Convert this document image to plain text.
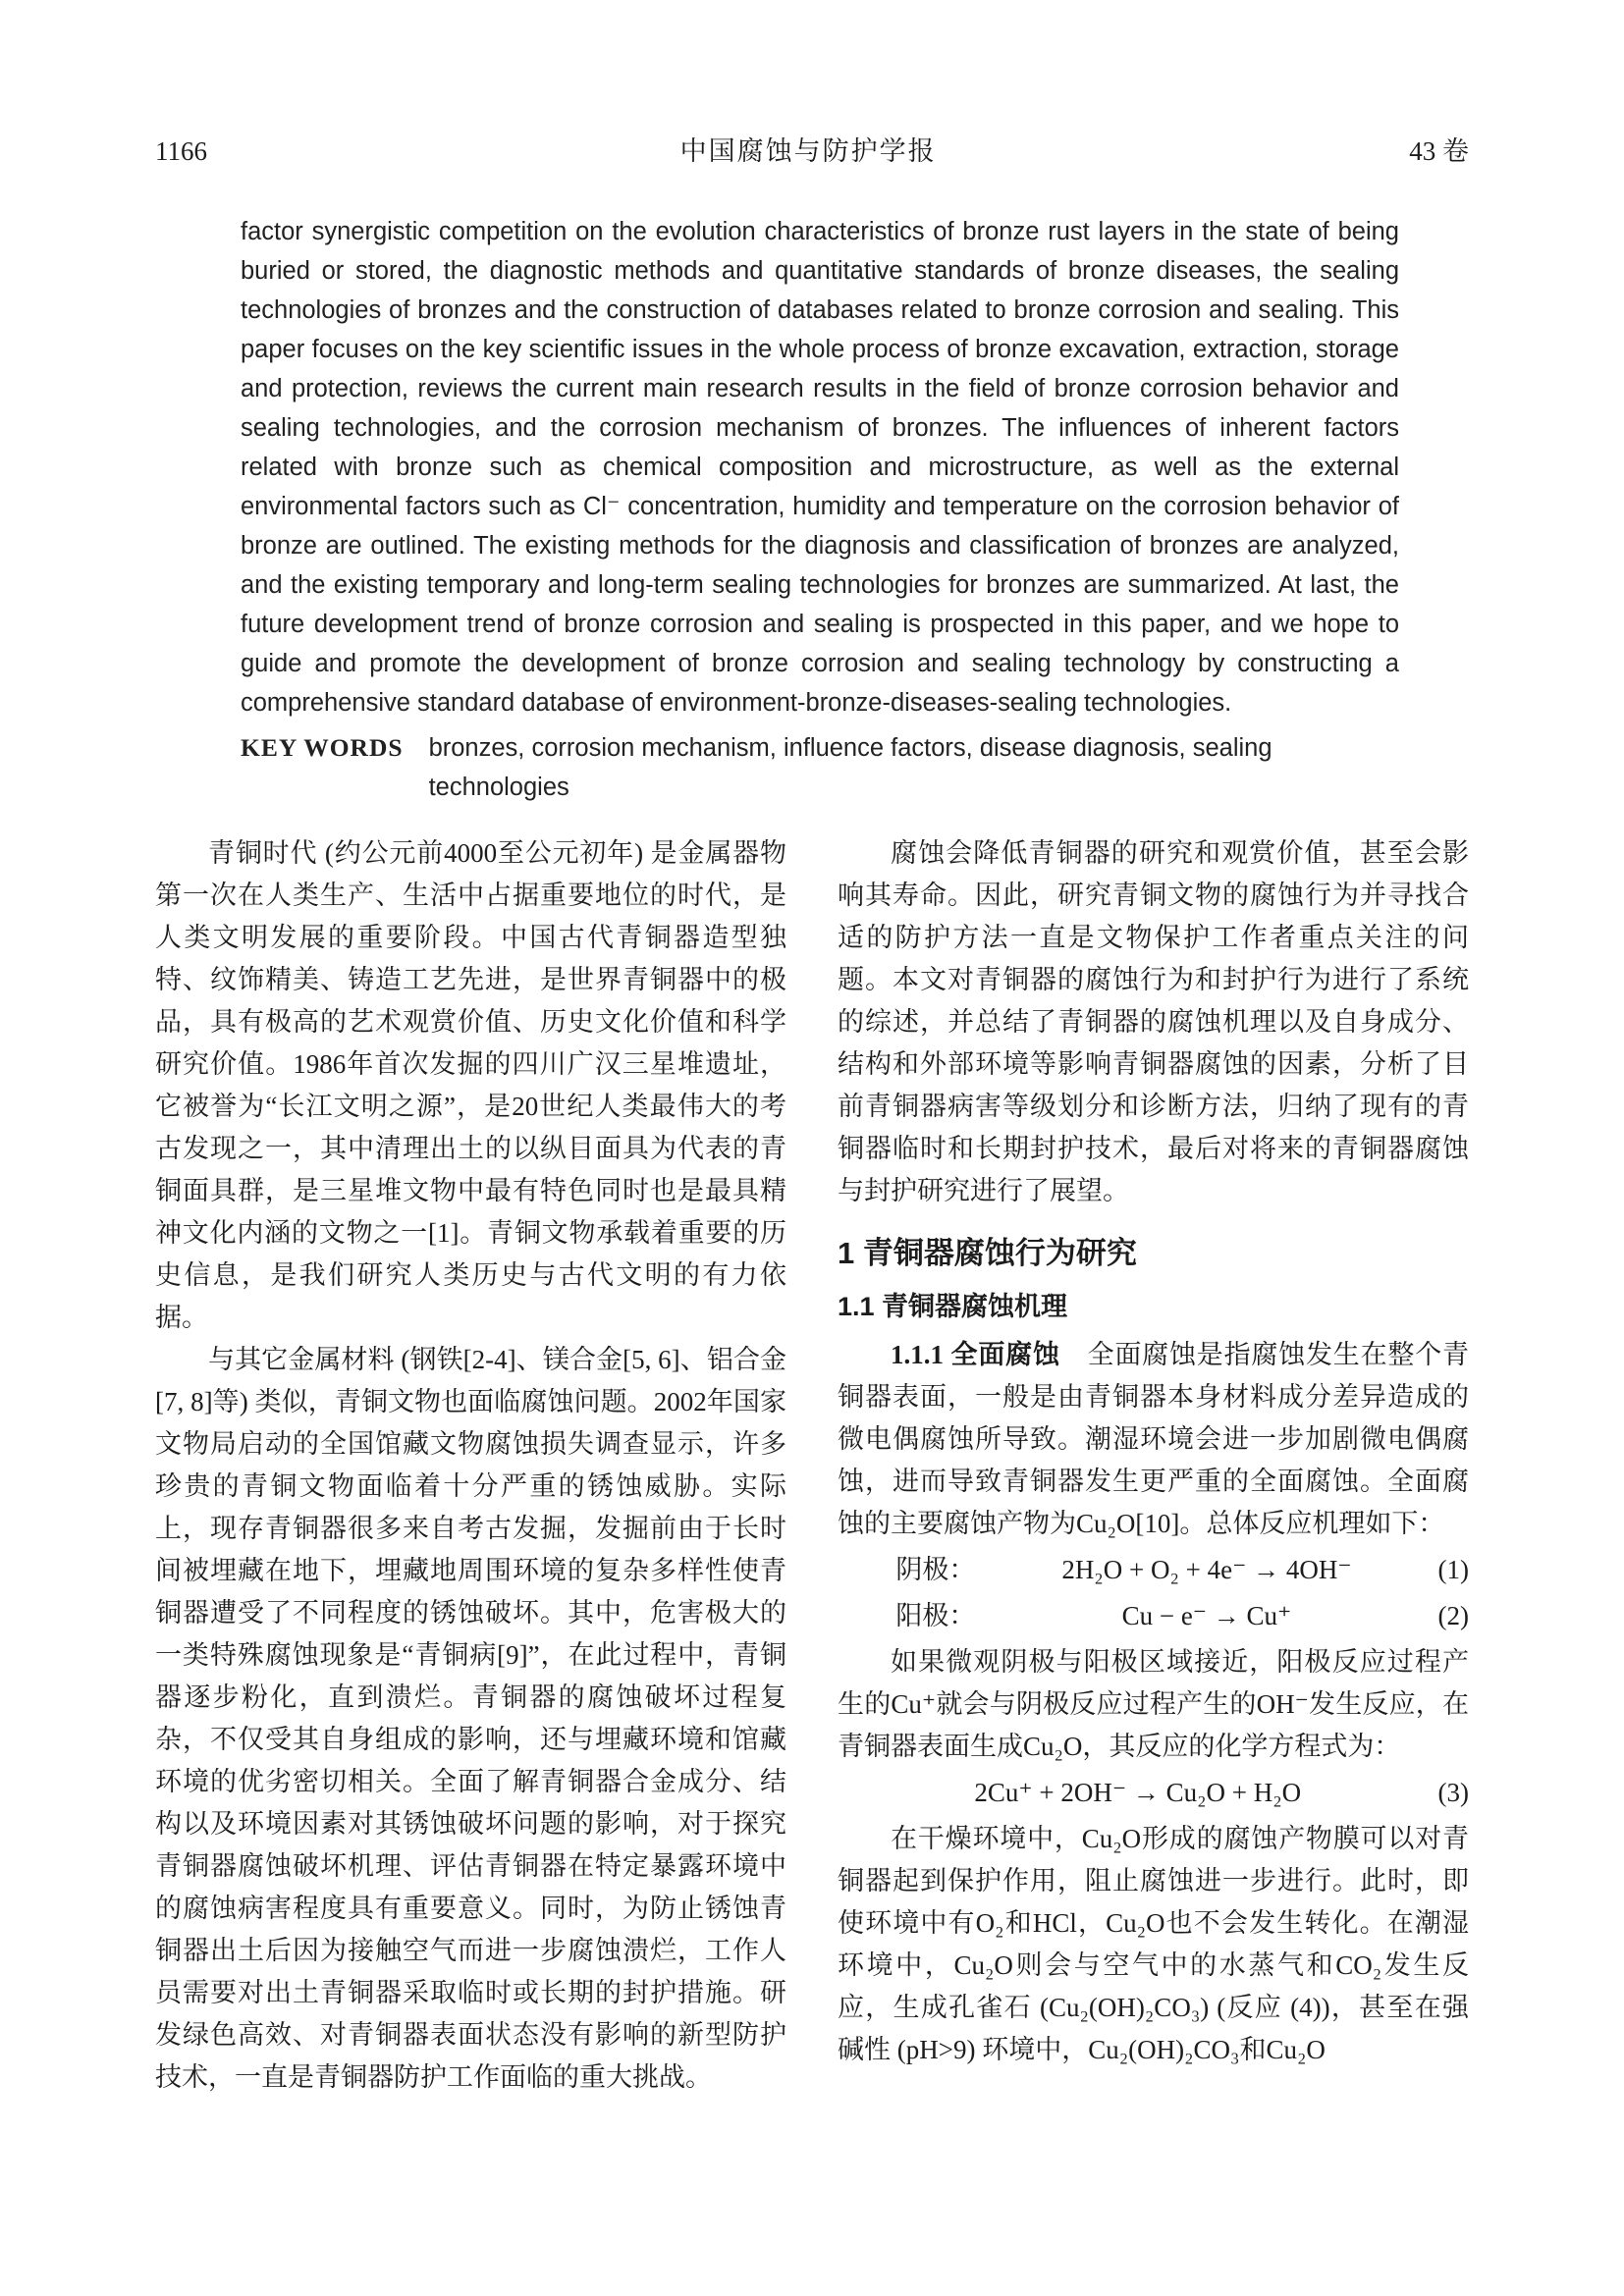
1166	中国腐蚀与防护学报	43 卷

factor synergistic competition on the evolution characteristics of bronze rust layers in the state of being buried or stored, the diagnostic methods and quantitative standards of bronze diseases, the sealing technologies of bronzes and the construction of databases related to bronze corrosion and sealing. This paper focuses on the key scientific issues in the whole process of bronze excavation, extraction, storage and protection, reviews the current main research results in the field of bronze corrosion behavior and sealing technologies, and the corrosion mechanism of bronzes. The influences of inherent factors related with bronze such as chemical composition and microstructure, as well as the external environmental factors such as Cl⁻ concentration, humidity and temperature on the corrosion behavior of bronze are outlined. The existing methods for the diagnosis and classification of bronzes are analyzed, and the existing temporary and long-term sealing technologies for bronzes are summarized. At last, the future development trend of bronze corrosion and sealing is prospected in this paper, and we hope to guide and promote the development of bronze corrosion and sealing technology by constructing a comprehensive standard database of environment-bronze-diseases-sealing technologies.

KEY WORDS bronzes, corrosion mechanism, influence factors, disease diagnosis, sealing technologies

青铜时代 (约公元前4000至公元初年) 是金属器物第一次在人类生产、生活中占据重要地位的时代，是人类文明发展的重要阶段。中国古代青铜器造型独特、纹饰精美、铸造工艺先进，是世界青铜器中的极品，具有极高的艺术观赏价值、历史文化价值和科学研究价值。1986年首次发掘的四川广汉三星堆遗址，它被誉为“长江文明之源”，是20世纪人类最伟大的考古发现之一，其中清理出土的以纵目面具为代表的青铜面具群，是三星堆文物中最有特色同时也是最具精神文化内涵的文物之一[1]。青铜文物承载着重要的历史信息，是我们研究人类历史与古代文明的有力依据。

与其它金属材料 (钢铁[2-4]、镁合金[5, 6]、铝合金[7, 8]等) 类似，青铜文物也面临腐蚀问题。2002年国家文物局启动的全国馆藏文物腐蚀损失调查显示，许多珍贵的青铜文物面临着十分严重的锈蚀威胁。实际上，现存青铜器很多来自考古发掘，发掘前由于长时间被埋藏在地下，埋藏地周围环境的复杂多样性使青铜器遭受了不同程度的锈蚀破坏。其中，危害极大的一类特殊腐蚀现象是“青铜病[9]”，在此过程中，青铜器逐步粉化，直到溃烂。青铜器的腐蚀破坏过程复杂，不仅受其自身组成的影响，还与埋藏环境和馆藏环境的优劣密切相关。全面了解青铜器合金成分、结构以及环境因素对其锈蚀破坏问题的影响，对于探究青铜器腐蚀破坏机理、评估青铜器在特定暴露环境中的腐蚀病害程度具有重要意义。同时，为防止锈蚀青铜器出土后因为接触空气而进一步腐蚀溃烂，工作人员需要对出土青铜器采取临时或长期的封护措施。研发绿色高效、对青铜器表面状态没有影响的新型防护技术，一直是青铜器防护工作面临的重大挑战。

腐蚀会降低青铜器的研究和观赏价值，甚至会影响其寿命。因此，研究青铜文物的腐蚀行为并寻找合适的防护方法一直是文物保护工作者重点关注的问题。本文对青铜器的腐蚀行为和封护行为进行了系统的综述，并总结了青铜器的腐蚀机理以及自身成分、结构和外部环境等影响青铜器腐蚀的因素，分析了目前青铜器病害等级划分和诊断方法，归纳了现有的青铜器临时和长期封护技术，最后对将来的青铜器腐蚀与封护研究进行了展望。

1 青铜器腐蚀行为研究
1.1 青铜器腐蚀机理

1.1.1 全面腐蚀　全面腐蚀是指腐蚀发生在整个青铜器表面，一般是由青铜器本身材料成分差异造成的微电偶腐蚀所导致。潮湿环境会进一步加剧微电偶腐蚀，进而导致青铜器发生更严重的全面腐蚀。全面腐蚀的主要腐蚀产物为Cu₂O[10]。总体反应机理如下：

阴极：	2H₂O + O₂ + 4e⁻ → 4OH⁻	(1)
阳极：	Cu − e⁻ → Cu⁺	(2)

如果微观阴极与阳极区域接近，阳极反应过程产生的Cu⁺就会与阴极反应过程产生的OH⁻发生反应，在青铜器表面生成Cu₂O，其反应的化学方程式为：

2Cu⁺ + 2OH⁻ → Cu₂O + H₂O	(3)

在干燥环境中，Cu₂O形成的腐蚀产物膜可以对青铜器起到保护作用，阻止腐蚀进一步进行。此时，即使环境中有O₂和HCl，Cu₂O也不会发生转化。在潮湿环境中，Cu₂O则会与空气中的水蒸气和CO₂发生反应，生成孔雀石 (Cu₂(OH)₂CO₃) (反应 (4))，甚至在强碱性 (pH>9) 环境中，Cu₂(OH)₂CO₃和Cu₂O
